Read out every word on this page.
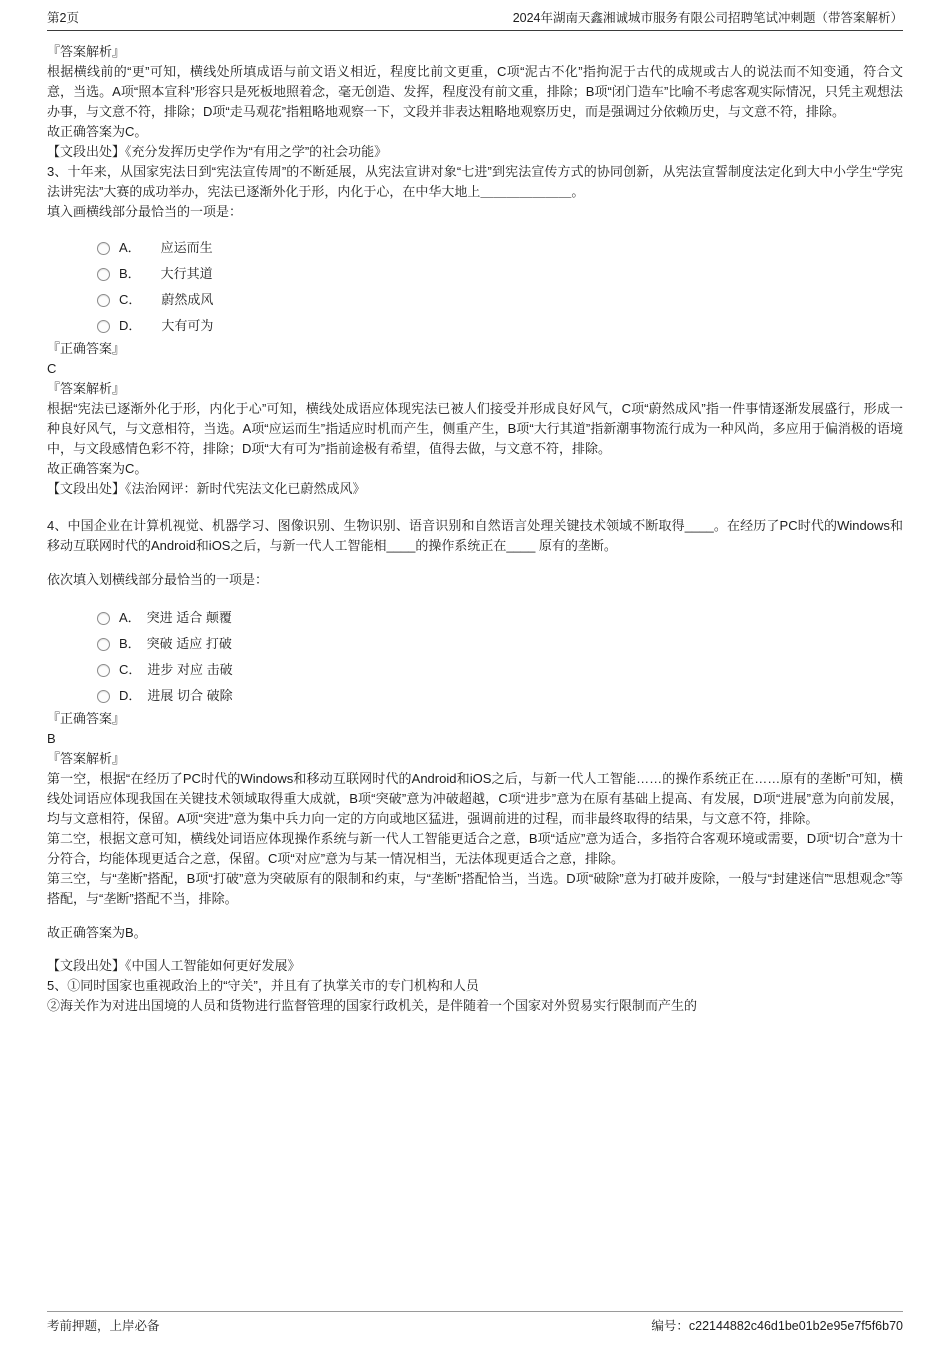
第2页	2024年湖南天鑫湘诚城市服务有限公司招聘笔试冲刺题（带答案解析）

『答案解析』

根据横线前的“更”可知，横线处所填成语与前文语义相近，程度比前文更重，C项“泥古不化”指拘泥于古代的成规或古人的说法而不知变通，符合文意，当选。A项“照本宣科”形容只是死板地照着念，毫无创造、发挥，程度没有前文重，排除；B项“闭门造车”比喻不考虑客观实际情况，只凭主观想法办事，与文意不符，排除；D项“走马观花”指粗略地观察一下，文段并非表达粗略地观察历史，而是强调过分依赖历史，与文意不符，排除。

故正确答案为C。

【文段出处】《充分发挥历史学作为“有用之学”的社会功能》

3、十年来，从国家宪法日到“宪法宣传周”的不断延展，从宪法宣讲对象“七进”到宪法宣传方式的协同创新，从宪法宣誓制度法定化到大中小学生“学宪法讲宪法”大赛的成功举办，宪法已逐渐外化于形，内化于心，在中华大地上＿＿＿＿＿＿＿。

填入画横线部分最恰当的一项是：

A． 应运而生
B． 大行其道
C． 蔚然成风
D． 大有可为

『正确答案』

C

『答案解析』

根据“宪法已逐渐外化于形，内化于心”可知，横线处成语应体现宪法已被人们接受并形成良好风气，C项“蔚然成风”指一件事情逐渐发展盛行，形成一种良好风气，与文意相符，当选。A项“应运而生”指适应时机而产生，侧重产生，B项“大行其道”指新潮事物流行成为一种风尚，多应用于偏消极的语境中，与文段感情色彩不符，排除；D项“大有可为”指前途极有希望，值得去做，与文意不符，排除。

故正确答案为C。

【文段出处】《法治网评：新时代宪法文化已蔚然成风》

4、中国企业在计算机视觉、机器学习、图像识别、生物识别、语音识别和自然语言处理关键技术领域不断取得____。在经历了PC时代的Windows和移动互联网时代的Android和iOS之后，与新一代人工智能相____的操作系统正在____ 原有的垄断。

依次填入划横线部分最恰当的一项是：

A． 突进 适合 颠覆
B． 突破 适应 打破
C． 进步 对应 击破
D． 进展 切合 破除

『正确答案』

B

『答案解析』

第一空，根据“在经历了PC时代的Windows和移动互联网时代的Android和iOS之后，与新一代人工智能……的操作系统正在……原有的垄断”可知，横线处词语应体现我国在关键技术领域取得重大成就，B项“突破”意为冲破超越，C项“进步”意为在原有基础上提高、有发展，D项“进展”意为向前发展，均与文意相符，保留。A项“突进”意为集中兵力向一定的方向或地区猛进，强调前进的过程，而非最终取得的结果，与文意不符，排除。

第二空，根据文意可知，横线处词语应体现操作系统与新一代人工智能更适合之意，B项“适应”意为适合，多指符合客观环境或需要，D项“切合”意为十分符合，均能体现更适合之意，保留。C项“对应”意为与某一情况相当，无法体现更适合之意，排除。

第三空，与“垄断”搭配，B项“打破”意为突破原有的限制和约束，与“垄断”搭配恰当，当选。D项“破除”意为打破并废除，一般与“封建迷信”“思想观念”等搭配，与“垄断”搭配不当，排除。

故正确答案为B。

【文段出处】《中国人工智能如何更好发展》

5、①同时国家也重视政治上的“守关”，并且有了执掌关市的专门机构和人员

②海关作为对进出国境的人员和货物进行监督管理的国家行政机关，是伴随着一个国家对外贸易实行限制而产生的

考前押题，上岸必备	编号：c22144882c46d1be01b2e95e7f5f6b70
